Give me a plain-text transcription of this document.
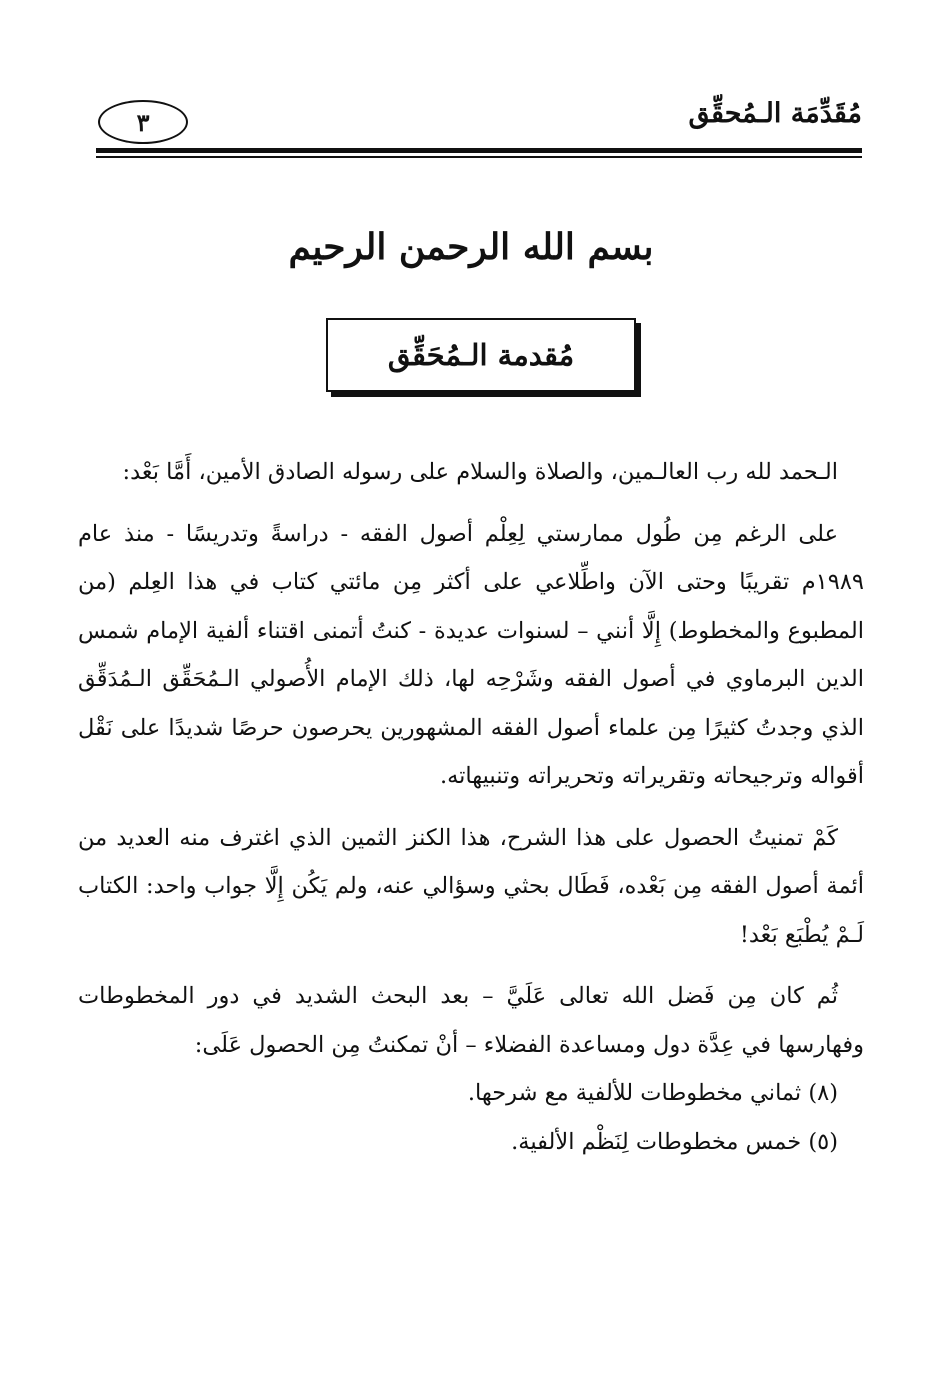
مُقَدِّمَة الـمُحقِّق
٣
بسم الله الرحمن الرحيم
مُقدمة الـمُحَقِّق

الـحمد لله رب العالـمين، والصلاة والسلام على رسوله الصادق الأمين، أَمَّا بَعْد:

على الرغم مِن طُول ممارستي لِعِلْم أصول الفقه - دراسةً وتدريسًا - منذ عام ١٩٨٩م تقريبًا وحتى الآن واطِّلاعي على أكثر مِن مائتي كتاب في هذا العِلم (من المطبوع والمخطوط) إِلَّا أنني – لسنوات عديدة - كنتُ أتمنى اقتناء ألفية الإمام شمس الدين البرماوي في أصول الفقه وشَرْحِه لها، ذلك الإمام الأُصولي الـمُحَقِّق الـمُدَقِّق الذي وجدتُ كثيرًا مِن علماء أصول الفقه المشهورين يحرصون حرصًا شديدًا على نَقْل أقواله وترجيحاته وتقريراته وتحريراته وتنبيهاته.

كَمْ تمنيتُ الحصول على هذا الشرح، هذا الكنز الثمين الذي اغترف منه العديد من أئمة أصول الفقه مِن بَعْده، فَطَال بحثي وسؤالي عنه، ولم يَكُن إِلَّا جواب واحد: الكتاب لَـمْ يُطْبَع بَعْد!

ثُم كان مِن فَضل الله تعالى عَلَيَّ – بعد البحث الشديد في دور المخطوطات وفهارسها في عِدَّة دول ومساعدة الفضلاء – أنْ تمكنتُ مِن الحصول عَلَى:

(٨) ثماني مخطوطات للألفية مع شرحها.

(٥) خمس مخطوطات لِنَظْم الألفية.
